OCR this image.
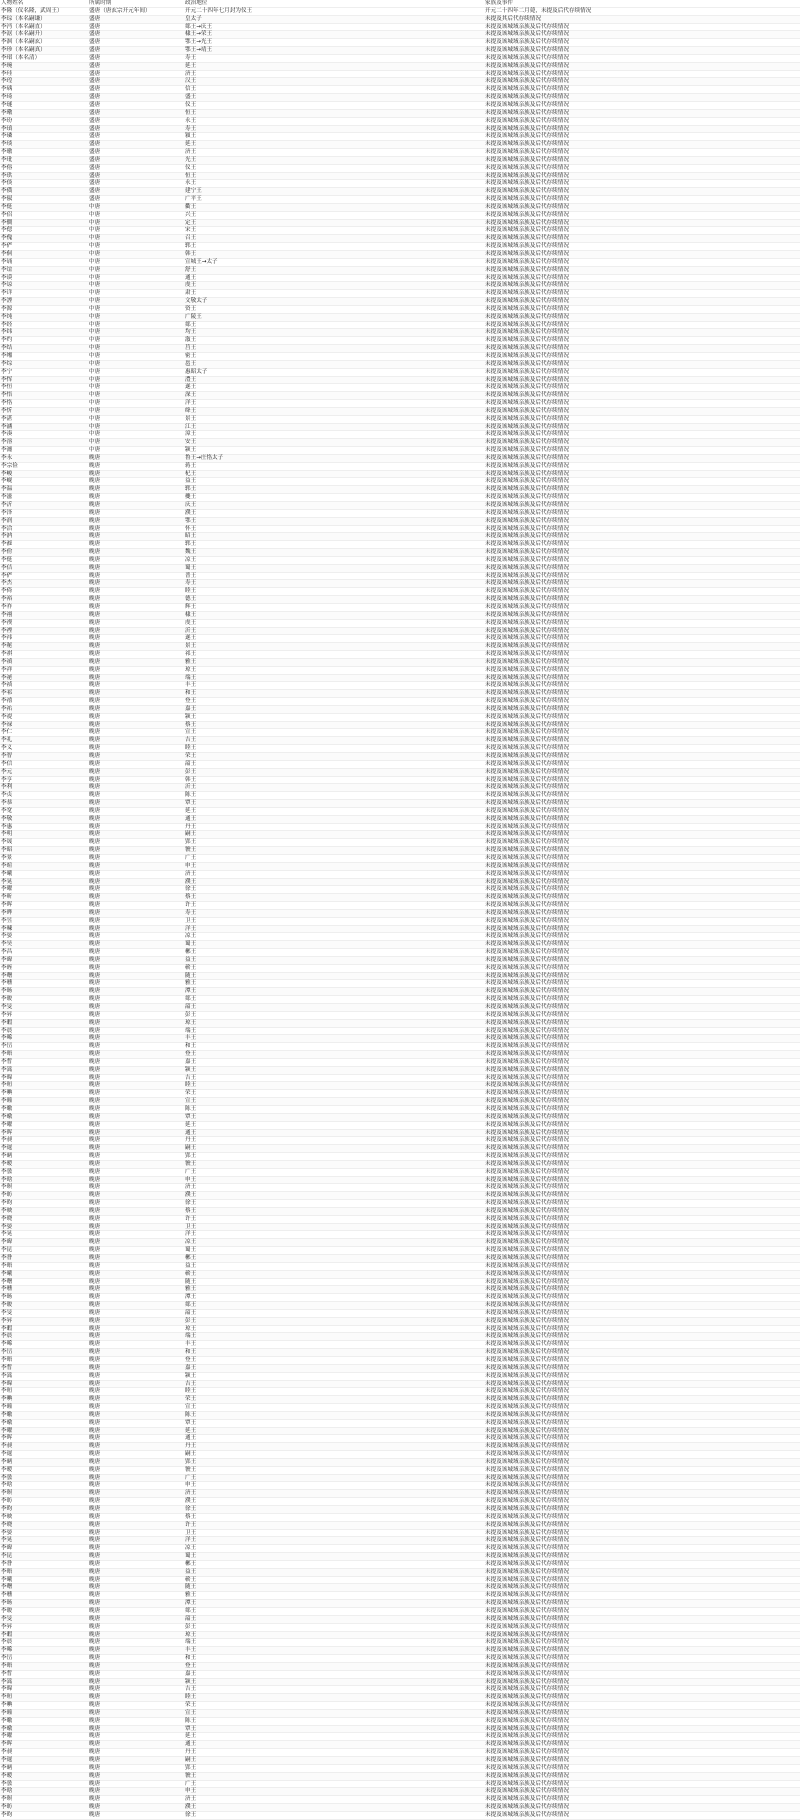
人物姓名	所属时期	政治地位	家族及事件
李隆（仪名隆，武周王）	盛唐（唐玄宗开元年间）	开元二十四年七月封为仪王	开元二十四年二月薨，未提及后代存续情况
李琮（本名嗣谦）	盛唐	皇太子	未提及其后代存续情况
李沔（本名嗣直）	盛唐	郯王→庆王	未提及该城域亲族及后代存续情况
李涺（本名嗣升）	盛唐	棣王→荣王	未提及该城域亲族及后代存续情况
李洄（本名嗣玄）	盛唐	鄂王→光王	未提及该城域亲族及后代存续情况
李珍（本名嗣真）	盛唐	鄂王→靖王	未提及该城域亲族及后代存续情况
李瑁（本名清）	盛唐	寿王	未提及该城域亲族及后代存续情况
李琬	盛唐	延王	未提及该城域亲族及后代存续情况
李珪	盛唐	济王	未提及该城域亲族及后代存续情况
李瑝	盛唐	汉王	未提及该城域亲族及后代存续情况
李瑀	盛唐	信王	未提及该城域亲族及后代存续情况
李琦	盛唐	盛王	未提及该城域亲族及后代存续情况
李璲	盛唐	仪王	未提及该城域亲族及后代存续情况
李璥	盛唐	恒王	未提及该城域亲族及后代存续情况
李玢	盛唐	永王	未提及该城域亲族及后代存续情况
李瑱	盛唐	寿王	未提及该城域亲族及后代存续情况
李璘	盛唐	潁王	未提及该城域亲族及后代存续情况
李琰	盛唐	延王	未提及该城域亲族及后代存续情况
李璬	盛唐	济王	未提及该城域亲族及后代存续情况
李玭	盛唐	光王	未提及该城域亲族及后代存续情况
李傛	盛唐	仪王	未提及该城域亲族及后代存续情况
李珙	盛唐	恒王	未提及该城域亲族及后代存续情况
李倓	盛唐	永王	未提及该城域亲族及后代存续情况
李僙	盛唐	建宁王	未提及该城域亲族及后代存续情况
李俶	盛唐	广平王	未提及该城域亲族及后代存续情况
李侹	中唐	衢王	未提及该城域亲族及后代存续情况
李佋	中唐	兴王	未提及该城域亲族及后代存续情况
李僴	中唐	定王	未提及该城域亲族及后代存续情况
李偲	中唐	宋王	未提及该城域亲族及后代存续情况
李傀	中唐	召王	未提及该城域亲族及后代存续情况
李俨	中唐	郓王	未提及该城域亲族及后代存续情况
李侗	中唐	韩王	未提及该城域亲族及后代存续情况
李诵	中唐	宣城王→太子	未提及该城域亲族及后代存续情况
李谊	中唐	舒王	未提及该城域亲族及后代存续情况
李谟	中唐	通王	未提及该城域亲族及后代存续情况
李谅	中唐	虔王	未提及该城域亲族及后代存续情况
李详	中唐	肃王	未提及该城域亲族及后代存续情况
李諲	中唐	文敬太子	未提及该城域亲族及后代存续情况
李源	中唐	资王	未提及该城域亲族及后代存续情况
李纯	中唐	广陵王	未提及该城域亲族及后代存续情况
李经	中唐	郯王	未提及该城域亲族及后代存续情况
李纬	中唐	均王	未提及该城域亲族及后代存续情况
李约	中唐	溆王	未提及该城域亲族及后代存续情况
李结	中唐	莒王	未提及该城域亲族及后代存续情况
李缃	中唐	密王	未提及该城域亲族及后代存续情况
李综	中唐	邕王	未提及该城域亲族及后代存续情况
李宁	中唐	惠昭太子	未提及该城域亲族及后代存续情况
李恽	中唐	澧王	未提及该城域亲族及后代存续情况
李恒	中唐	遂王	未提及该城域亲族及后代存续情况
李悟	中唐	深王	未提及该城域亲族及后代存续情况
李恪	中唐	洋王	未提及该城域亲族及后代存续情况
李忻	中唐	绛王	未提及该城域亲族及后代存续情况
李湛	中唐	景王	未提及该城域亲族及后代存续情况
李涵	中唐	江王	未提及该城域亲族及后代存续情况
李凑	中唐	漳王	未提及该城域亲族及后代存续情况
李溶	中唐	安王	未提及该城域亲族及后代存续情况
李瀍	中唐	颍王	未提及该城域亲族及后代存续情况
李永	晚唐	鲁王→庄恪太子	未提及该城域亲族及后代存续情况
李宗俭	晚唐	蒋王	未提及该城域亲族及后代存续情况
李峻	晚唐	杞王	未提及该城域亲族及后代存续情况
李岘	晚唐	益王	未提及该城域亲族及后代存续情况
李温	晚唐	郓王	未提及该城域亲族及后代存续情况
李滋	晚唐	夔王	未提及该城域亲族及后代存续情况
李沂	晚唐	庆王	未提及该城域亲族及后代存续情况
李泽	晚唐	濮王	未提及该城域亲族及后代存续情况
李润	晚唐	鄂王	未提及该城域亲族及后代存续情况
李洽	晚唐	怀王	未提及该城域亲族及后代存续情况
李汭	晚唐	昭王	未提及该城域亲族及后代存续情况
李漼	晚唐	郓王	未提及该城域亲族及后代存续情况
李佾	晚唐	魏王	未提及该城域亲族及后代存续情况
李侹	晚唐	凉王	未提及该城域亲族及后代存续情况
李佶	晚唐	蜀王	未提及该城域亲族及后代存续情况
李俨	晚唐	普王	未提及该城域亲族及后代存续情况
李杰	晚唐	寿王	未提及该城域亲族及后代存续情况
李倚	晚唐	睦王	未提及该城域亲族及后代存续情况
李裕	晚唐	德王	未提及该城域亲族及后代存续情况
李祚	晚唐	辉王	未提及该城域亲族及后代存续情况
李祤	晚唐	棣王	未提及该城域亲族及后代存续情况
李禊	晚唐	虔王	未提及该城域亲族及后代存续情况
李禋	晚唐	沂王	未提及该城域亲族及后代存续情况
李祎	晚唐	遂王	未提及该城域亲族及后代存续情况
李秘	晚唐	景王	未提及该城域亲族及后代存续情况
李祺	晚唐	祁王	未提及该城域亲族及后代存续情况
李禛	晚唐	雅王	未提及该城域亲族及后代存续情况
李祥	晚唐	琼王	未提及该城域亲族及后代存续情况
李祕	晚唐	端王	未提及该城域亲族及后代存续情况
李祯	晚唐	丰王	未提及该城域亲族及后代存续情况
李祁	晚唐	和王	未提及该城域亲族及后代存续情况
李禧	晚唐	登王	未提及该城域亲族及后代存续情况
李祐	晚唐	嘉王	未提及该城域亲族及后代存续情况
李禔	晚唐	颍王	未提及该城域亲族及后代存续情况
李禄	晚唐	蔡王	未提及该城域亲族及后代存续情况
李仁	晚唐	宣王	未提及该城域亲族及后代存续情况
李礼	晚唐	吉王	未提及该城域亲族及后代存续情况
李义	晚唐	睦王	未提及该城域亲族及后代存续情况
李智	晚唐	荣王	未提及该城域亲族及后代存续情况
李信	晚唐	韶王	未提及该城域亲族及后代存续情况
李元	晚唐	彭王	未提及该城域亲族及后代存续情况
李亨	晚唐	韩王	未提及该城域亲族及后代存续情况
李利	晚唐	沂王	未提及该城域亲族及后代存续情况
李贞	晚唐	陈王	未提及该城域亲族及后代存续情况
李恭	晚唐	覃王	未提及该城域亲族及后代存续情况
李宽	晚唐	延王	未提及该城域亲族及后代存续情况
李敬	晚唐	通王	未提及该城域亲族及后代存续情况
李惠	晚唐	丹王	未提及该城域亲族及后代存续情况
李明	晚唐	嗣王	未提及该城域亲族及后代存续情况
李晟	晚唐	郢王	未提及该城域亲族及后代存续情况
李昭	晚唐	虢王	未提及该城域亲族及后代存续情况
李景	晚唐	广王	未提及该城域亲族及后代存续情况
李暄	晚唐	申王	未提及该城域亲族及后代存续情况
李曦	晚唐	济王	未提及该城域亲族及后代存续情况
李晃	晚唐	濮王	未提及该城域亲族及后代存续情况
李曜	晚唐	徐王	未提及该城域亲族及后代存续情况
李昕	晚唐	蔡王	未提及该城域亲族及后代存续情况
李晖	晚唐	许王	未提及该城域亲族及后代存续情况
李晔	晚唐	寿王	未提及该城域亲族及后代存续情况
李昱	晚唐	卫王	未提及该城域亲族及后代存续情况
李暕	晚唐	洋王	未提及该城域亲族及后代存续情况
李晏	晚唐	凉王	未提及该城域亲族及后代存续情况
李昊	晚唐	蜀王	未提及该城域亲族及后代存续情况
李昌	晚唐	郴王	未提及该城域亲族及后代存续情况
李暐	晚唐	益王	未提及该城域亲族及后代存续情况
李晊	晚唐	蕲王	未提及该城域亲族及后代存续情况
李曙	晚唐	随王	未提及该城域亲族及后代存续情况
李曛	晚唐	雅王	未提及该城域亲族及后代存续情况
李旸	晚唐	潭王	未提及该城域亲族及后代存续情况
李晙	晚唐	郯王	未提及该城域亲族及后代存续情况
李旻	晚唐	韶王	未提及该城域亲族及后代存续情况
李昇	晚唐	彭王	未提及该城域亲族及后代存续情况
李暇	晚唐	琼王	未提及该城域亲族及后代存续情况
李晨	晚唐	端王	未提及该城域亲族及后代存续情况
李晞	晚唐	丰王	未提及该城域亲族及后代存续情况
李旵	晚唐	和王	未提及该城域亲族及后代存续情况
李晤	晚唐	登王	未提及该城域亲族及后代存续情况
李晳	晚唐	嘉王	未提及该城域亲族及后代存续情况
李暠	晚唐	颍王	未提及该城域亲族及后代存续情况
李暭	晚唐	吉王	未提及该城域亲族及后代存续情况
李晅	晚唐	睦王	未提及该城域亲族及后代存续情况
李晪	晚唐	荣王	未提及该城域亲族及后代存续情况
李曈	晚唐	宣王	未提及该城域亲族及后代存续情况
李曒	晚唐	陈王	未提及该城域亲族及后代存续情况
李暾	晚唐	覃王	未提及该城域亲族及后代存续情况
李曜	晚唐	延王	未提及该城域亲族及后代存续情况
李晖	晚唐	通王	未提及该城域亲族及后代存续情况
李昶	晚唐	丹王	未提及该城域亲族及后代存续情况
李暹	晚唐	嗣王	未提及该城域亲族及后代存续情况
李昞	晚唐	郢王	未提及该城域亲族及后代存续情况
李暧	晚唐	虢王	未提及该城域亲族及后代存续情况
李曇	晚唐	广王	未提及该城域亲族及后代存续情况
李晗	晚唐	申王	未提及该城域亲族及后代存续情况
李暝	晚唐	济王	未提及该城域亲族及后代存续情况
李昉	晚唐	濮王	未提及该城域亲族及后代存续情况
李昀	晚唐	徐王	未提及该城域亲族及后代存续情况
李映	晚唐	蔡王	未提及该城域亲族及后代存续情况
李晓	晚唐	许王	未提及该城域亲族及后代存续情况
李晏	晚唐	卫王	未提及该城域亲族及后代存续情况
李晃	晚唐	洋王	未提及该城域亲族及后代存续情况
李暐	晚唐	凉王	未提及该城域亲族及后代存续情况
李昆	晚唐	蜀王	未提及该城域亲族及后代存续情况
李昝	晚唐	郴王	未提及该城域亲族及后代存续情况
李晤	晚唐	益王	未提及该城域亲族及后代存续情况
李曦	晚唐	蕲王	未提及该城域亲族及后代存续情况
李曙	晚唐	随王	未提及该城域亲族及后代存续情况
李曛	晚唐	雅王	未提及该城域亲族及后代存续情况
李旸	晚唐	潭王	未提及该城域亲族及后代存续情况
李晙	晚唐	郯王	未提及该城域亲族及后代存续情况
李旻	晚唐	韶王	未提及该城域亲族及后代存续情况
李昇	晚唐	彭王	未提及该城域亲族及后代存续情况
李暇	晚唐	琼王	未提及该城域亲族及后代存续情况
李晨	晚唐	端王	未提及该城域亲族及后代存续情况
李晞	晚唐	丰王	未提及该城域亲族及后代存续情况
李旵	晚唐	和王	未提及该城域亲族及后代存续情况
李晤	晚唐	登王	未提及该城域亲族及后代存续情况
李晳	晚唐	嘉王	未提及该城域亲族及后代存续情况
李暠	晚唐	颍王	未提及该城域亲族及后代存续情况
李暭	晚唐	吉王	未提及该城域亲族及后代存续情况
李晅	晚唐	睦王	未提及该城域亲族及后代存续情况
李晪	晚唐	荣王	未提及该城域亲族及后代存续情况
李曈	晚唐	宣王	未提及该城域亲族及后代存续情况
李曒	晚唐	陈王	未提及该城域亲族及后代存续情况
李暾	晚唐	覃王	未提及该城域亲族及后代存续情况
李曜	晚唐	延王	未提及该城域亲族及后代存续情况
李晖	晚唐	通王	未提及该城域亲族及后代存续情况
李昶	晚唐	丹王	未提及该城域亲族及后代存续情况
李暹	晚唐	嗣王	未提及该城域亲族及后代存续情况
李昞	晚唐	郢王	未提及该城域亲族及后代存续情况
李暧	晚唐	虢王	未提及该城域亲族及后代存续情况
李曇	晚唐	广王	未提及该城域亲族及后代存续情况
李晗	晚唐	申王	未提及该城域亲族及后代存续情况
李暝	晚唐	济王	未提及该城域亲族及后代存续情况
李昉	晚唐	濮王	未提及该城域亲族及后代存续情况
李昀	晚唐	徐王	未提及该城域亲族及后代存续情况
李映	晚唐	蔡王	未提及该城域亲族及后代存续情况
李晓	晚唐	许王	未提及该城域亲族及后代存续情况
李晏	晚唐	卫王	未提及该城域亲族及后代存续情况
李晃	晚唐	洋王	未提及该城域亲族及后代存续情况
李暐	晚唐	凉王	未提及该城域亲族及后代存续情况
李昆	晚唐	蜀王	未提及该城域亲族及后代存续情况
李昝	晚唐	郴王	未提及该城域亲族及后代存续情况
李晤	晚唐	益王	未提及该城域亲族及后代存续情况
李曦	晚唐	蕲王	未提及该城域亲族及后代存续情况
李曙	晚唐	随王	未提及该城域亲族及后代存续情况
李曛	晚唐	雅王	未提及该城域亲族及后代存续情况
李旸	晚唐	潭王	未提及该城域亲族及后代存续情况
李晙	晚唐	郯王	未提及该城域亲族及后代存续情况
李旻	晚唐	韶王	未提及该城域亲族及后代存续情况
李昇	晚唐	彭王	未提及该城域亲族及后代存续情况
李暇	晚唐	琼王	未提及该城域亲族及后代存续情况
李晨	晚唐	端王	未提及该城域亲族及后代存续情况
李晞	晚唐	丰王	未提及该城域亲族及后代存续情况
李旵	晚唐	和王	未提及该城域亲族及后代存续情况
李晤	晚唐	登王	未提及该城域亲族及后代存续情况
李晳	晚唐	嘉王	未提及该城域亲族及后代存续情况
李暠	晚唐	颍王	未提及该城域亲族及后代存续情况
李暭	晚唐	吉王	未提及该城域亲族及后代存续情况
李晅	晚唐	睦王	未提及该城域亲族及后代存续情况
李晪	晚唐	荣王	未提及该城域亲族及后代存续情况
李曈	晚唐	宣王	未提及该城域亲族及后代存续情况
李曒	晚唐	陈王	未提及该城域亲族及后代存续情况
李暾	晚唐	覃王	未提及该城域亲族及后代存续情况
李曜	晚唐	延王	未提及该城域亲族及后代存续情况
李晖	晚唐	通王	未提及该城域亲族及后代存续情况
李昶	晚唐	丹王	未提及该城域亲族及后代存续情况
李暹	晚唐	嗣王	未提及该城域亲族及后代存续情况
李昞	晚唐	郢王	未提及该城域亲族及后代存续情况
李暧	晚唐	虢王	未提及该城域亲族及后代存续情况
李曇	晚唐	广王	未提及该城域亲族及后代存续情况
李晗	晚唐	申王	未提及该城域亲族及后代存续情况
李暝	晚唐	济王	未提及该城域亲族及后代存续情况
李昉	晚唐	濮王	未提及该城域亲族及后代存续情况
李昀	晚唐	徐王	未提及该城域亲族及后代存续情况
